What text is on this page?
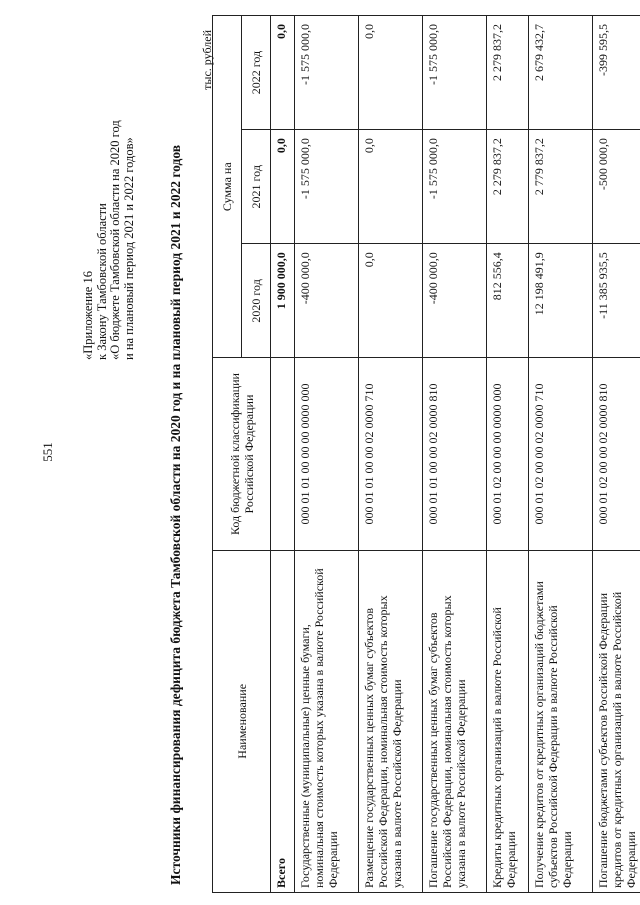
551
«Приложение 16 к Закону Тамбовской области «О бюджете Тамбовской области на 2020 год и на плановый период 2021 и 2022 годов» Источники финансирования дефицита бюджета Тамбовской области на 2020 год и на плановый период 2021 и 2022 годов
тыс. рублей
Наименование	Код бюджетной классификации Российской Федерации	Сумма на		
		2020 год	2021 год	2022 год
Всего		1 900 000,0	0,0	0,0
Государственные (муниципальные) ценные бумаги, номинальная стоимость которых указана в валюте Российской Федерации	000 01 01 00 00 00 0000 000	-400 000,0	-1 575 000,0	-1 575 000,0
Размещение государственных ценных бумаг субъектов Российской Федерации, номинальная стоимость которых указана в валюте Российской Федерации	000 01 01 00 00 02 0000 710	0,0	0,0	0,0
Погашение государственных ценных бумаг субъектов Российской Федерации, номинальная стоимость которых указана в валюте Российской Федерации	000 01 01 00 00 02 0000 810	-400 000,0	-1 575 000,0	-1 575 000,0
Кредиты кредитных организаций в валюте Российской Федерации	000 01 02 00 00 00 0000 000	812 556,4	2 279 837,2	2 279 837,2
Получение кредитов от кредитных организаций бюджетами субъектов Российской Федерации в валюте Российской Федерации	000 01 02 00 00 02 0000 710	12 198 491,9	2 779 837,2	2 679 432,7
Погашение бюджетами субъектов Российской Федерации кредитов от кредитных организаций в валюте Российской Федерации	000 01 02 00 00 02 0000 810	-11 385 935,5	-500 000,0	-399 595,5
